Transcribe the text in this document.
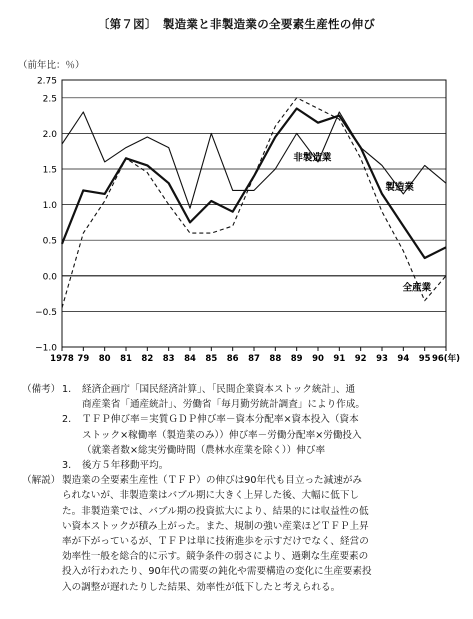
〔第７図〕　製造業と非製造業の全要素生産性の伸び
（前年比：％）
−1.0
−0.5
0.0
0.5
1.0
1.5
2.0
2.5
2.75
1978 79 80 81 82 83 84 85 86 87 88 89 90 91 92 93 94 95 96(年)
製造業
非製造業
全産業
（備考） 1.	経済企画庁「国民経済計算」、「民間企業資本ストック統計」、通
商産業省「通産統計」、労働省「毎月勤労統計調査」により作成。
2.	ＴＦＰ伸び率＝実質ＧＤＰ伸び率－資本分配率×資本投入（資本
ストック×稼働率（製造業のみ））伸び率－労働分配率×労働投入
（就業者数×総実労働時間（農林水産業を除く））伸び率
3.	後方５年移動平均。
（解説） 製造業の全要素生産性（ＴＦＰ）の伸びは90年代も目立った減速がみ
られないが、非製造業はバブル期に大きく上昇した後、大幅に低下し
た。非製造業では、バブル期の投資拡大により、結果的には収益性の低
い資本ストックが積み上がった。また、規制の強い産業ほどＴＦＰ上昇
率が下がっているが、ＴＦＰは単に技術進歩を示すだけでなく、経営の
効率性一般を総合的に示す。競争条件の弱さにより、過剰な生産要素の
投入が行われたり、90年代の需要の鈍化や需要構造の変化に生産要素投
入の調整が遅れたりした結果、効率性が低下したと考えられる。
